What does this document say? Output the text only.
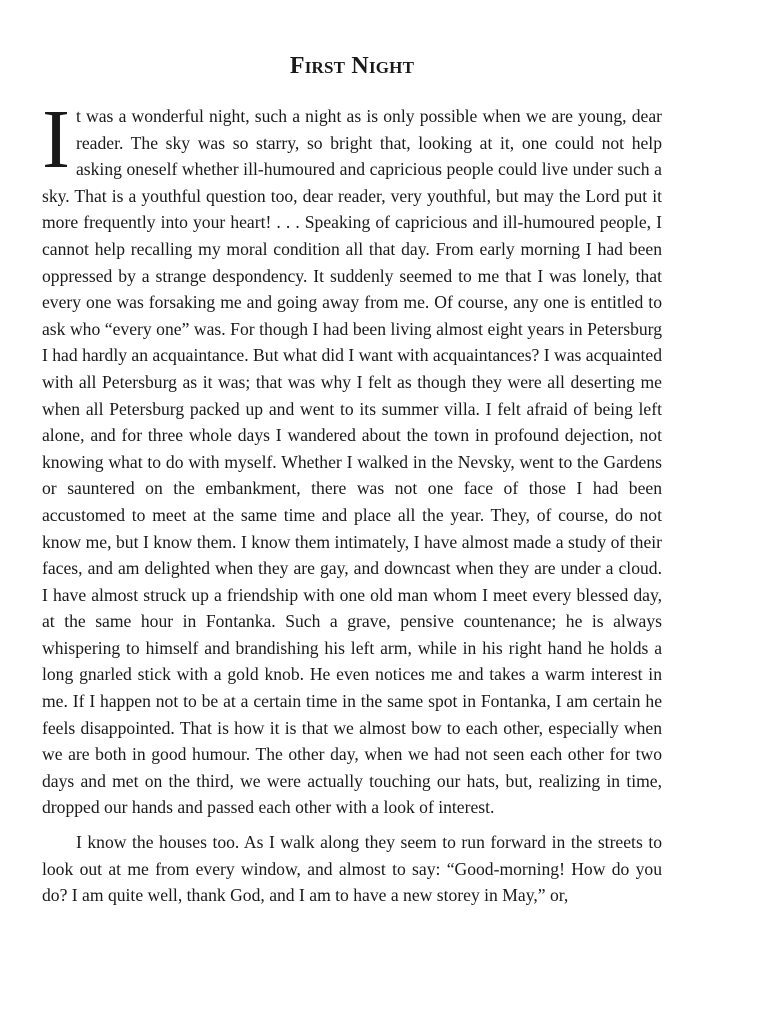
First Night

It was a wonderful night, such a night as is only possible when we are young, dear reader. The sky was so starry, so bright that, looking at it, one could not help asking oneself whether ill-humoured and capricious people could live under such a sky. That is a youthful question too, dear reader, very youthful, but may the Lord put it more frequently into your heart! . . . Speaking of capricious and ill-humoured people, I cannot help recalling my moral condition all that day. From early morning I had been oppressed by a strange despondency. It suddenly seemed to me that I was lonely, that every one was forsaking me and going away from me. Of course, any one is entitled to ask who “every one” was. For though I had been living almost eight years in Petersburg I had hardly an acquaintance. But what did I want with acquaintances? I was acquainted with all Petersburg as it was; that was why I felt as though they were all deserting me when all Petersburg packed up and went to its summer villa. I felt afraid of being left alone, and for three whole days I wandered about the town in profound dejection, not knowing what to do with myself. Whether I walked in the Nevsky, went to the Gardens or sauntered on the embankment, there was not one face of those I had been accustomed to meet at the same time and place all the year. They, of course, do not know me, but I know them. I know them intimately, I have almost made a study of their faces, and am delighted when they are gay, and downcast when they are under a cloud. I have almost struck up a friendship with one old man whom I meet every blessed day, at the same hour in Fontanka. Such a grave, pensive countenance; he is always whispering to himself and brandishing his left arm, while in his right hand he holds a long gnarled stick with a gold knob. He even notices me and takes a warm interest in me. If I happen not to be at a certain time in the same spot in Fontanka, I am certain he feels disappointed. That is how it is that we almost bow to each other, especially when we are both in good humour. The other day, when we had not seen each other for two days and met on the third, we were actually touching our hats, but, realizing in time, dropped our hands and passed each other with a look of interest.

I know the houses too. As I walk along they seem to run forward in the streets to look out at me from every window, and almost to say: “Good-morning! How do you do? I am quite well, thank God, and I am to have a new storey in May,” or,
